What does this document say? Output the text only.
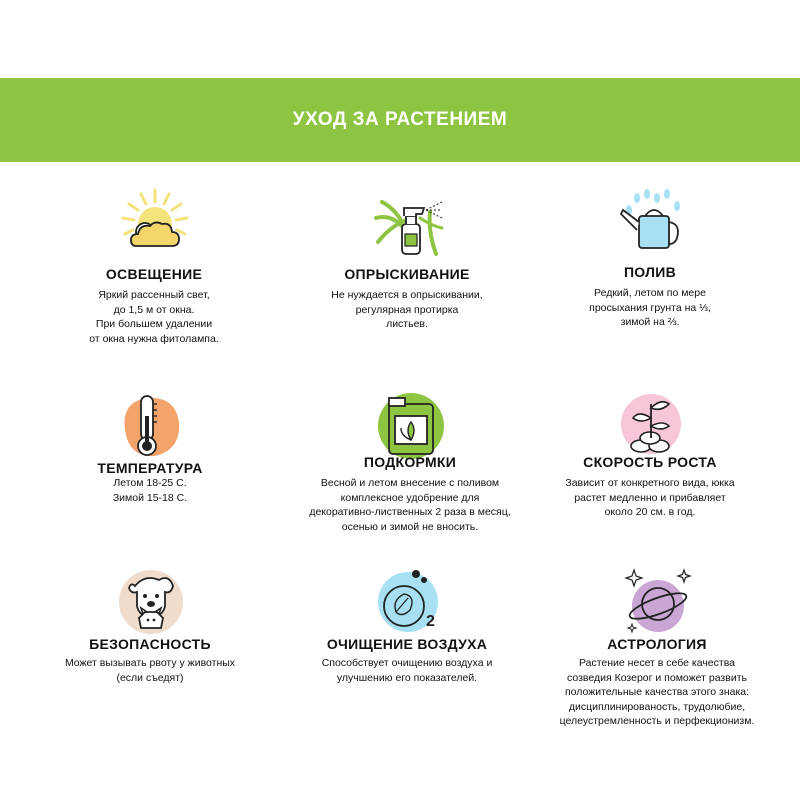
УХОД ЗА РАСТЕНИЕМ
ОСВЕЩЕНИЕ
Яркий рассенный свет,
до 1,5 м от окна.
При большем удалении
от окна нужна фитолампа.
ОПРЫСКИВАНИЕ
Не нуждается в опрыскивании,
регулярная протирка
листьев.
ПОЛИВ
Редкий, летом по мере
просыхания грунта на ⅓,
зимой на ⅔.
ТЕМПЕРАТУРА
Летом 18-25 С.
Зимой 15-18 С.
ПОДКОРМКИ
Весной и летом внесение с поливом
комплексное удобрение для
декоративно-лиственных 2 раза в месяц,
осенью и зимой не вносить.
СКОРОСТЬ РОСТА
Зависит от конкретного вида, юкка
растет медленно и прибавляет
около 20 см. в год.
БЕЗОПАСНОСТЬ
Может вызывать рвоту у животных
(если съедят)
2
ОЧИЩЕНИЕ ВОЗДУХА
Способствует очищению воздуха и
улучшению его показателей.
АСТРОЛОГИЯ
Растение несет в себе качества
созведия Козерог и поможет развить
положительные качества этого знака:
дисциплинированость, трудолюбие,
целеустремленность и перфекционизм.
